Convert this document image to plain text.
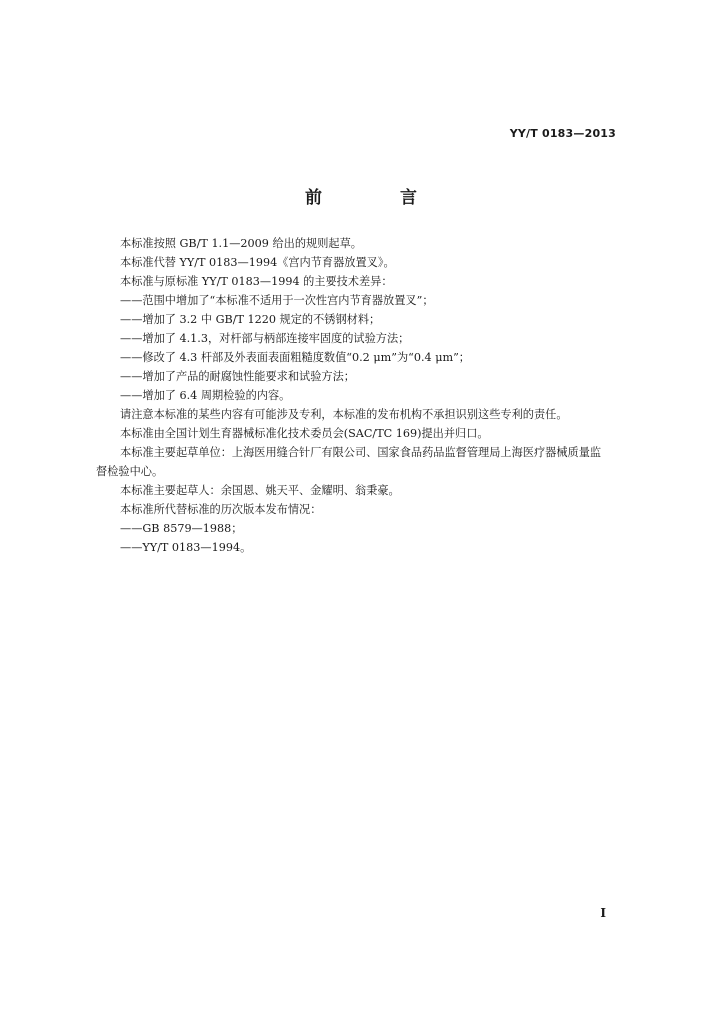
YY/T 0183—2013
前 言
本标准按照 GB/T 1.1—2009 给出的规则起草。
本标准代替 YY/T 0183—1994《宫内节育器放置叉》。
本标准与原标准 YY/T 0183—1994 的主要技术差异：
——范围中增加了“本标准不适用于一次性宫内节育器放置叉”；
——增加了 3.2 中 GB/T 1220 规定的不锈钢材料；
——增加了 4.1.3，对杆部与柄部连接牢固度的试验方法；
——修改了 4.3 杆部及外表面表面粗糙度数值“0.2 μm”为“0.4 μm”；
——增加了产品的耐腐蚀性能要求和试验方法；
——增加了 6.4 周期检验的内容。
请注意本标准的某些内容有可能涉及专利，本标准的发布机构不承担识别这些专利的责任。
本标准由全国计划生育器械标准化技术委员会(SAC/TC 169)提出并归口。
本标准主要起草单位：上海医用缝合针厂有限公司、国家食品药品监督管理局上海医疗器械质量监
督检验中心。
本标准主要起草人：余国恩、姚天平、金耀明、翁秉豪。
本标准所代替标准的历次版本发布情况：
——GB 8579—1988；
——YY/T 0183—1994。
I
